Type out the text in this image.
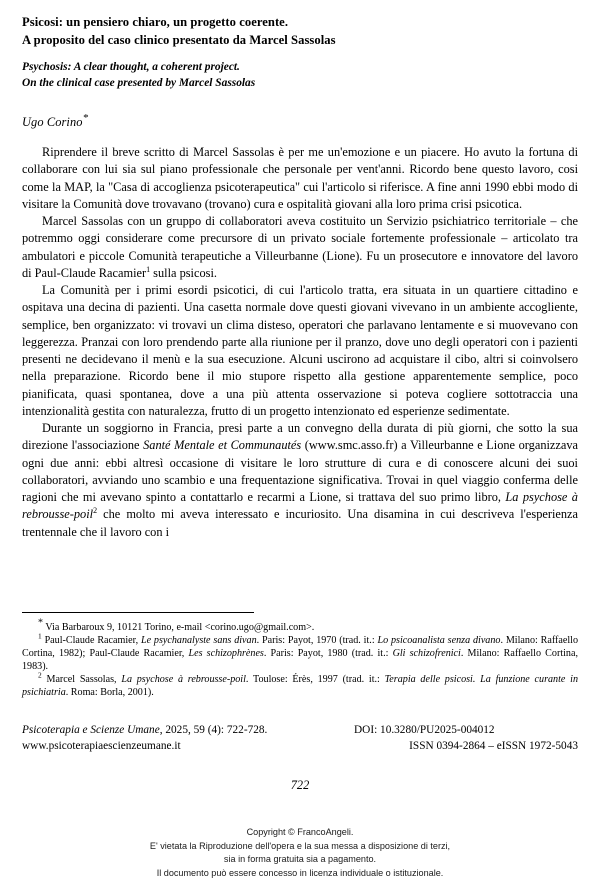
Psicosi: un pensiero chiaro, un progetto coerente.
A proposito del caso clinico presentato da Marcel Sassolas
Psychosis: A clear thought, a coherent project.
On the clinical case presented by Marcel Sassolas
Ugo Corino*

Riprendere il breve scritto di Marcel Sassolas è per me un'emozione e un piacere. Ho avuto la fortuna di collaborare con lui sia sul piano professionale che personale per vent'anni. Ricordo bene questo lavoro, cosi come la MAP, la "Casa di accoglienza psicoterapeutica" cui l'articolo si riferisce. A fine anni 1990 ebbi modo di visitare la Comunità dove trovavano (trovano) cura e ospitalità giovani alla loro prima crisi psicotica.

Marcel Sassolas con un gruppo di collaboratori aveva costituito un Servizio psichiatrico territoriale – che potremmo oggi considerare come precursore di un privato sociale fortemente professionale – articolato tra ambulatori e piccole Comunità terapeutiche a Villeurbanne (Lione). Fu un prosecutore e innovatore del lavoro di Paul-Claude Racamier$^1$ sulla psicosi.

La Comunità per i primi esordi psicotici, di cui l'articolo tratta, era situata in un quartiere cittadino e ospitava una decina di pazienti. Una casetta normale dove questi giovani vivevano in un ambiente accogliente, semplice, ben organizzato: vi trovavi un clima disteso, operatori che parlavano lentamente e si muovevano con leggerezza. Pranzai con loro prendendo parte alla riunione per il pranzo, dove uno degli operatori con i pazienti presenti ne decidevano il menù e la sua esecuzione. Alcuni uscirono ad acquistare il cibo, altri si coinvolsero nella preparazione. Ricordo bene il mio stupore rispetto alla gestione apparentemente semplice, poco pianificata, quasi spontanea, dove a una più attenta osservazione si poteva cogliere sottotraccia una intenzionalità gestita con naturalezza, frutto di un progetto intenzionato ed esperienze sedimentate.

Durante un soggiorno in Francia, presi parte a un convegno della durata di più giorni, che sotto la sua direzione l'associazione Santé Mentale et Communautés (www.smc.asso.fr) a Villeurbanne e Lione organizzava ogni due anni: ebbi altresì occasione di visitare le loro strutture di cura e di conoscere alcuni dei suoi collaboratori, avviando uno scambio e una frequentazione significativa. Trovai in quel viaggio conferma delle ragioni che mi avevano spinto a contattarlo e recarmi a Lione, si trattava del suo primo libro, La psychose à rebrousse-poil$^2$ che molto mi aveva interessato e incuriosito. Una disamina in cui descriveva l'esperienza trentennale che il lavoro con i

* Via Barbaroux 9, 10121 Torino, e-mail <corino.ugo@gmail.com>.

$^1$ Paul-Claude Racamier, Le psychanalyste sans divan. Paris: Payot, 1970 (trad. it.: Lo psicoanalista senza divano. Milano: Raffaello Cortina, 1982); Paul-Claude Racamier, Les schizophrènes. Paris: Payot, 1980 (trad. it.: Gli schizofrenici. Milano: Raffaello Cortina, 1983).

$^2$ Marcel Sassolas, La psychose à rebrousse-poil. Toulose: Érès, 1997 (trad. it.: Terapia delle psicosi. La funzione curante in psichiatria. Roma: Borla, 2001).

Psicoterapia e Scienze Umane, 2025, 59 (4): 722-728.	DOI: 10.3280/PU2025-004012
www.psicoterapiaescienzeumane.it	ISSN 0394-2864 – eISSN 1972-5043
722
Copyright © FrancoAngeli.
E' vietata la Riproduzione dell'opera e la sua messa a disposizione di terzi,
sia in forma gratuita sia a pagamento.
Il documento può essere concesso in licenza individuale o istituzionale.
